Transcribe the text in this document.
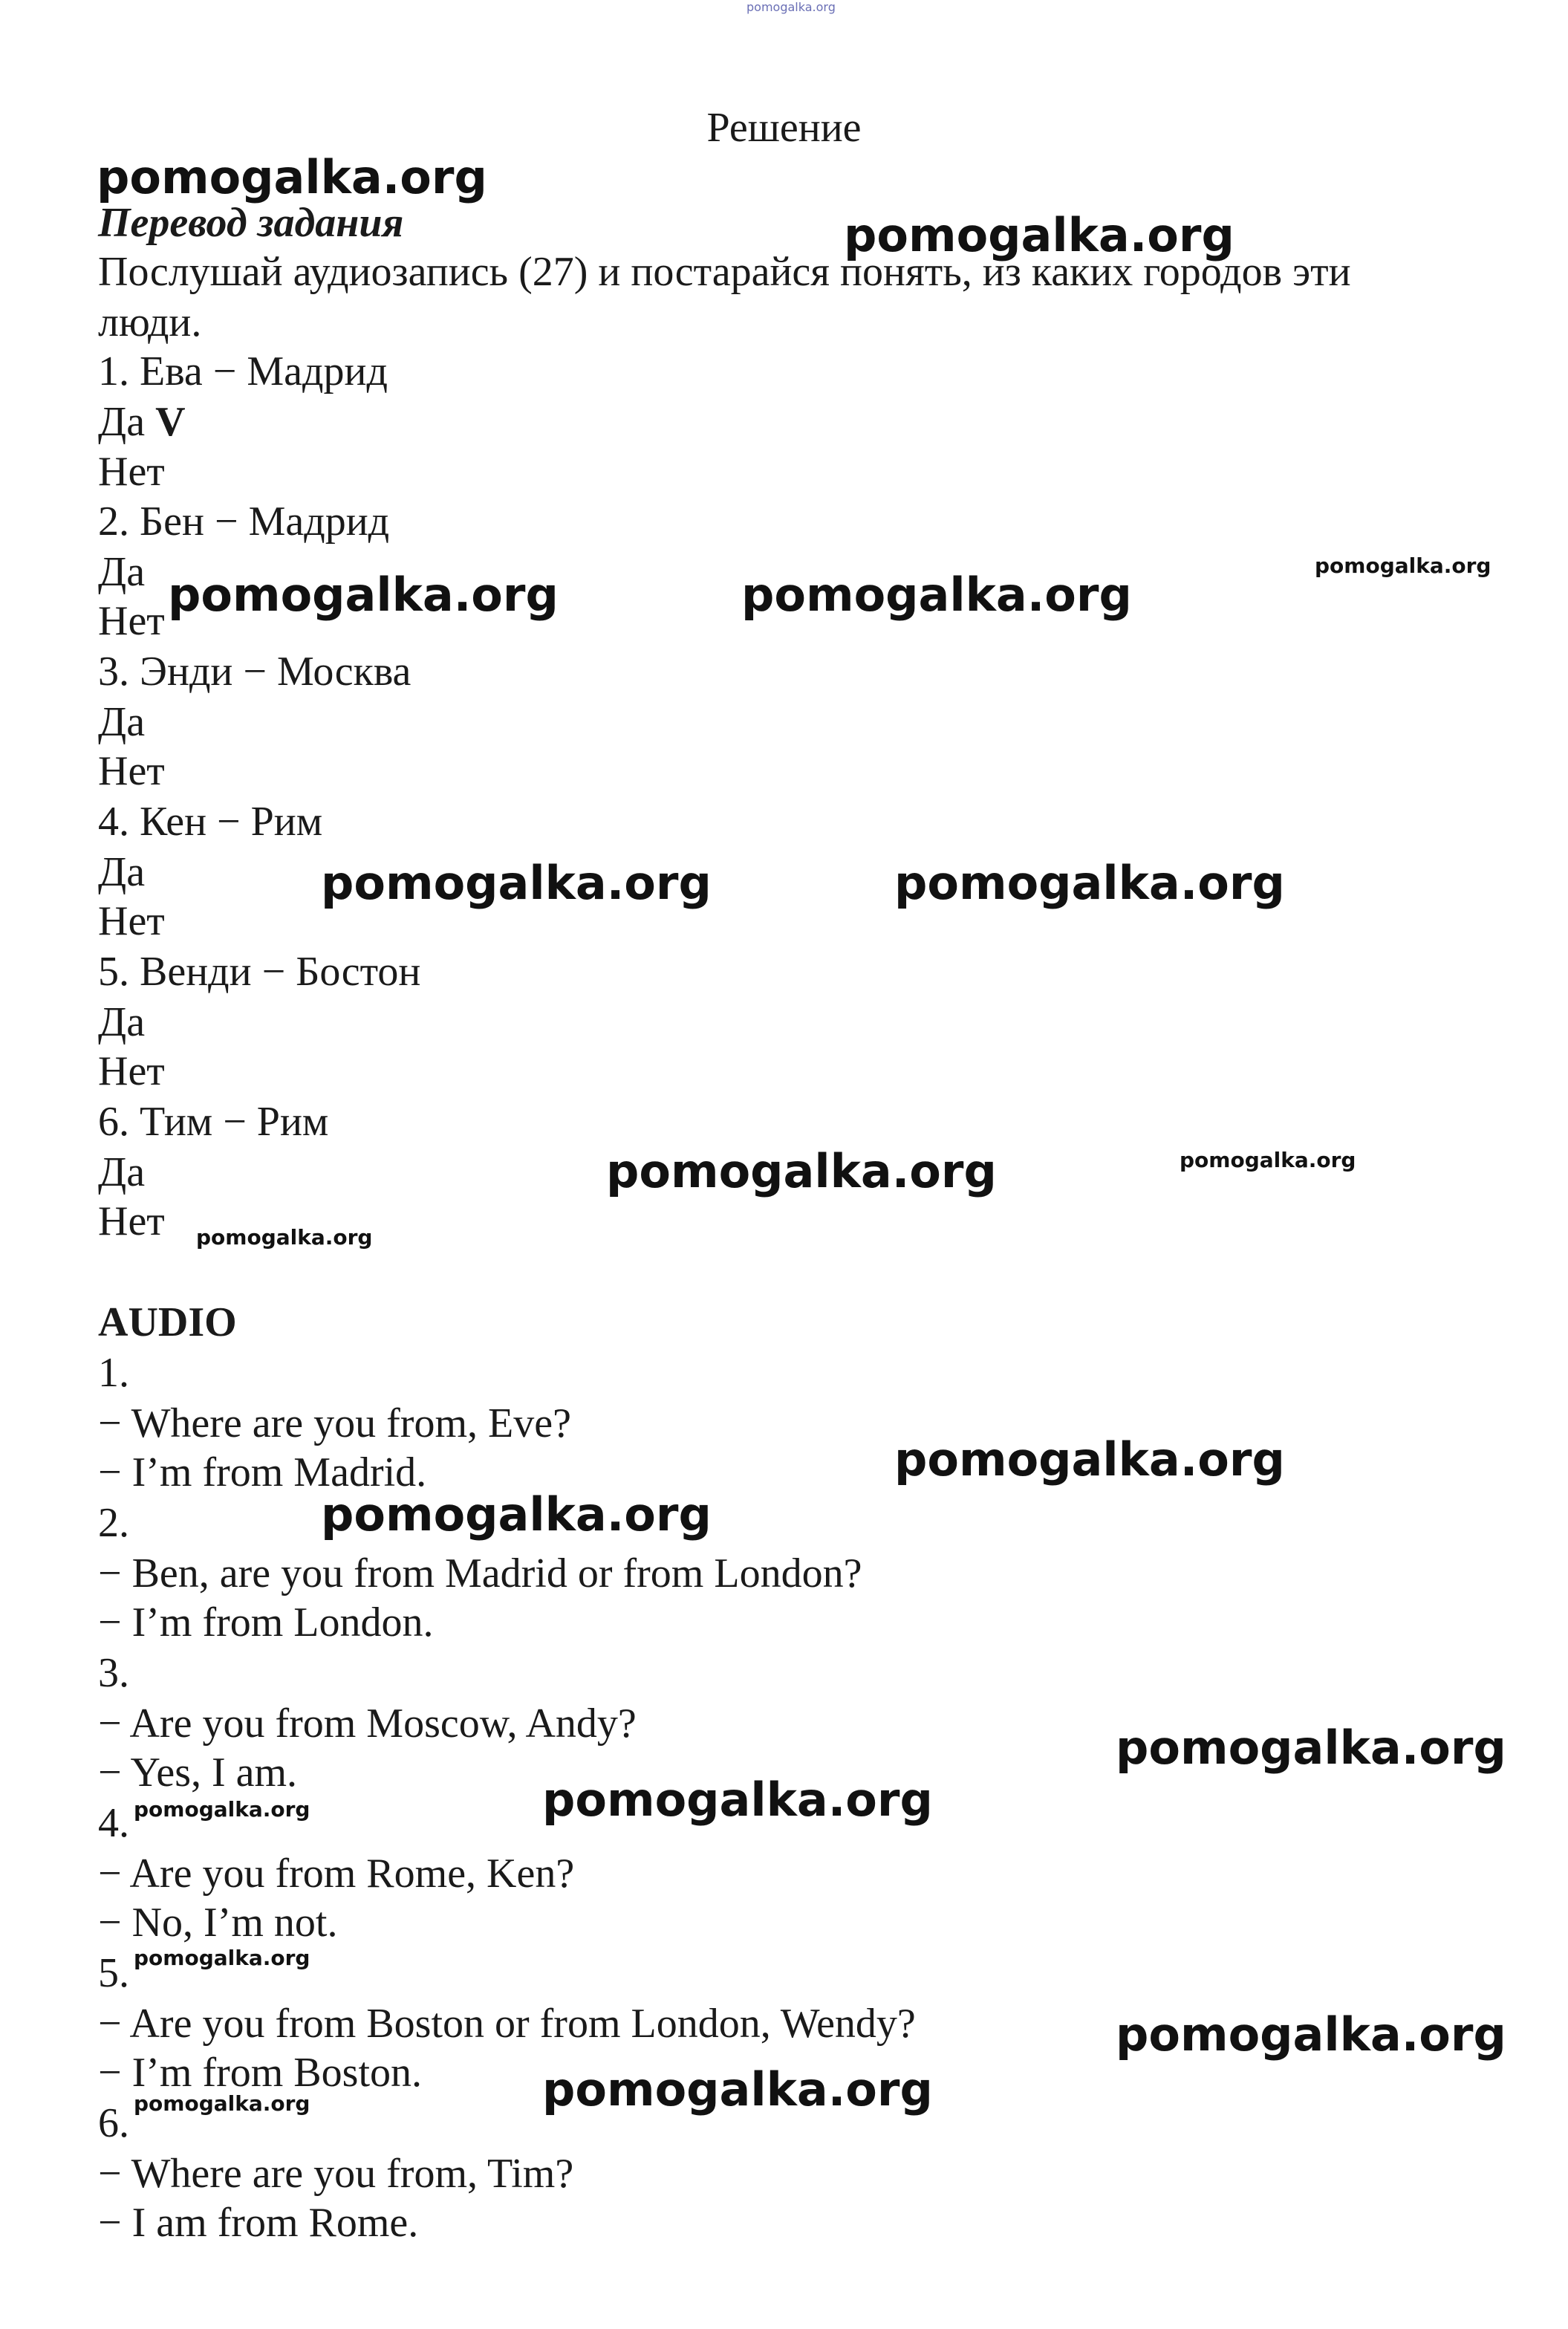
pomogalka.org
Решение
pomogalka.org
Перевод задания
Послушай аудиозапись (27) и постарайся понять, из каких городов эти
люди.
1. Ева − Мадрид
Да V
Нет
2. Бен − Мадрид
Да
Нет
3. Энди − Москва
Да
Нет
4. Кен − Рим
Да
Нет
5. Венди − Бостон
Да
Нет
6. Тим − Рим
Да
Нет
AUDIO
1.
− Where are you from, Eve?
− I’m from Madrid.
2.
− Ben, are you from Madrid or from London?
− I’m from London.
3.
− Are you from Moscow, Andy?
− Yes, I am.
4.
− Are you from Rome, Ken?
− No, I’m not.
5.
− Are you from Boston or from London, Wendy?
− I’m from Boston.
6.
− Where are you from, Tim?
− I am from Rome.
pomogalka.org
pomogalka.org	pomogalka.org
pomogalka.org
pomogalka.org	pomogalka.org
pomogalka.org	pomogalka.org
pomogalka.org
pomogalka.org
pomogalka.org
pomogalka.org
pomogalka.org
pomogalka.org
pomogalka.org
pomogalka.org
pomogalka.org
pomogalka.org
